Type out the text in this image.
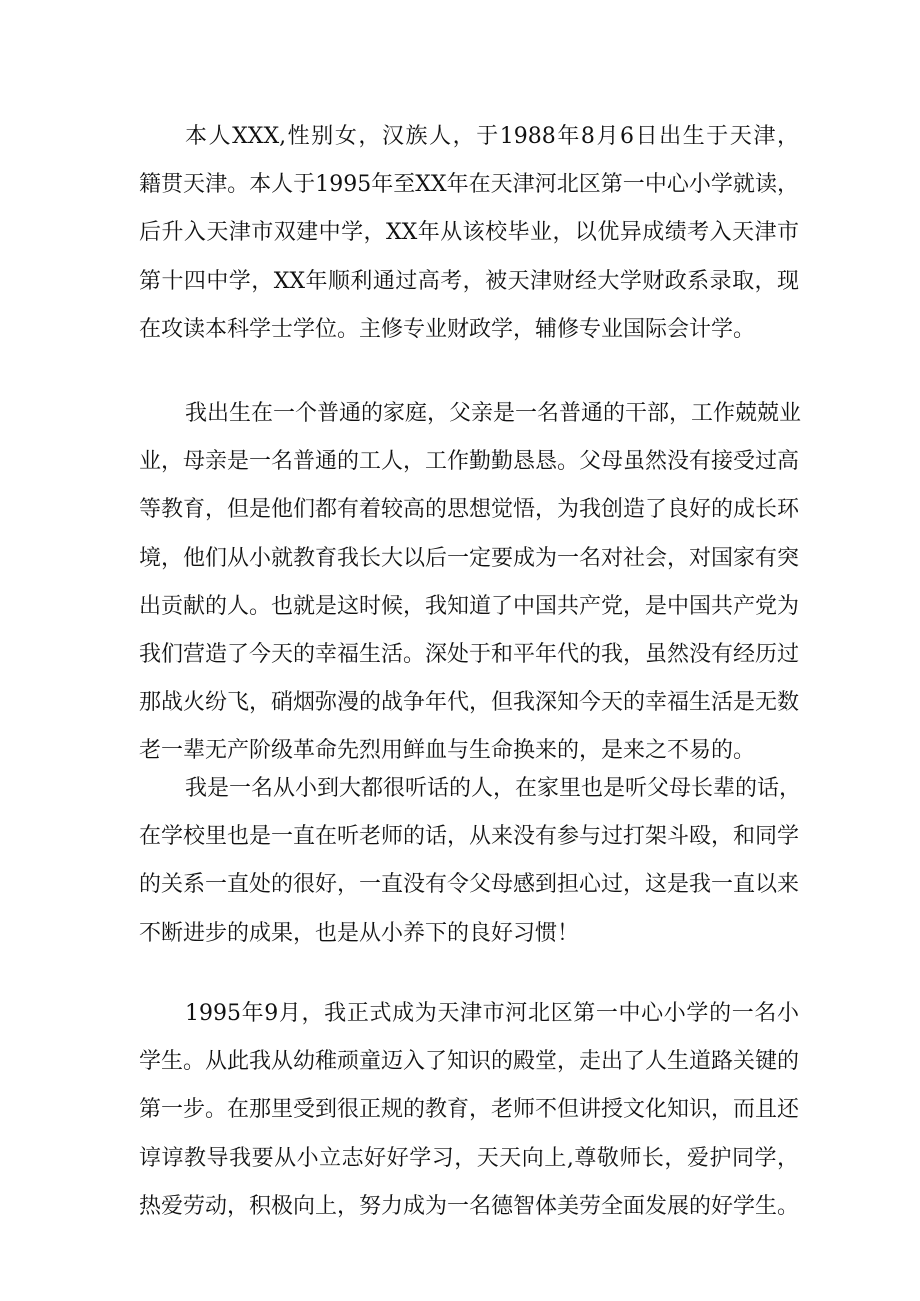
本人XXX,性别女，汉族人，于1988年8月6日出生于天津，
籍贯天津。本人于1995年至XX年在天津河北区第一中心小学就读，
后升入天津市双建中学，XX年从该校毕业，以优异成绩考入天津市
第十四中学，XX年顺利通过高考，被天津财经大学财政系录取，现
在攻读本科学士学位。主修专业财政学，辅修专业国际会计学。
我出生在一个普通的家庭，父亲是一名普通的干部，工作兢兢业
业，母亲是一名普通的工人，工作勤勤恳恳。父母虽然没有接受过高
等教育，但是他们都有着较高的思想觉悟，为我创造了良好的成长环
境，他们从小就教育我长大以后一定要成为一名对社会，对国家有突
出贡献的人。也就是这时候，我知道了中国共产党，是中国共产党为
我们营造了今天的幸福生活。深处于和平年代的我，虽然没有经历过
那战火纷飞，硝烟弥漫的战争年代，但我深知今天的幸福生活是无数
老一辈无产阶级革命先烈用鲜血与生命换来的，是来之不易的。
我是一名从小到大都很听话的人，在家里也是听父母长辈的话，
在学校里也是一直在听老师的话，从来没有参与过打架斗殴，和同学
的关系一直处的很好，一直没有令父母感到担心过，这是我一直以来
不断进步的成果，也是从小养下的良好习惯！
1995年9月，我正式成为天津市河北区第一中心小学的一名小
学生。从此我从幼稚顽童迈入了知识的殿堂，走出了人生道路关键的
第一步。在那里受到很正规的教育，老师不但讲授文化知识，而且还
谆谆教导我要从小立志好好学习，天天向上,尊敬师长，爱护同学，
热爱劳动，积极向上，努力成为一名德智体美劳全面发展的好学生。
